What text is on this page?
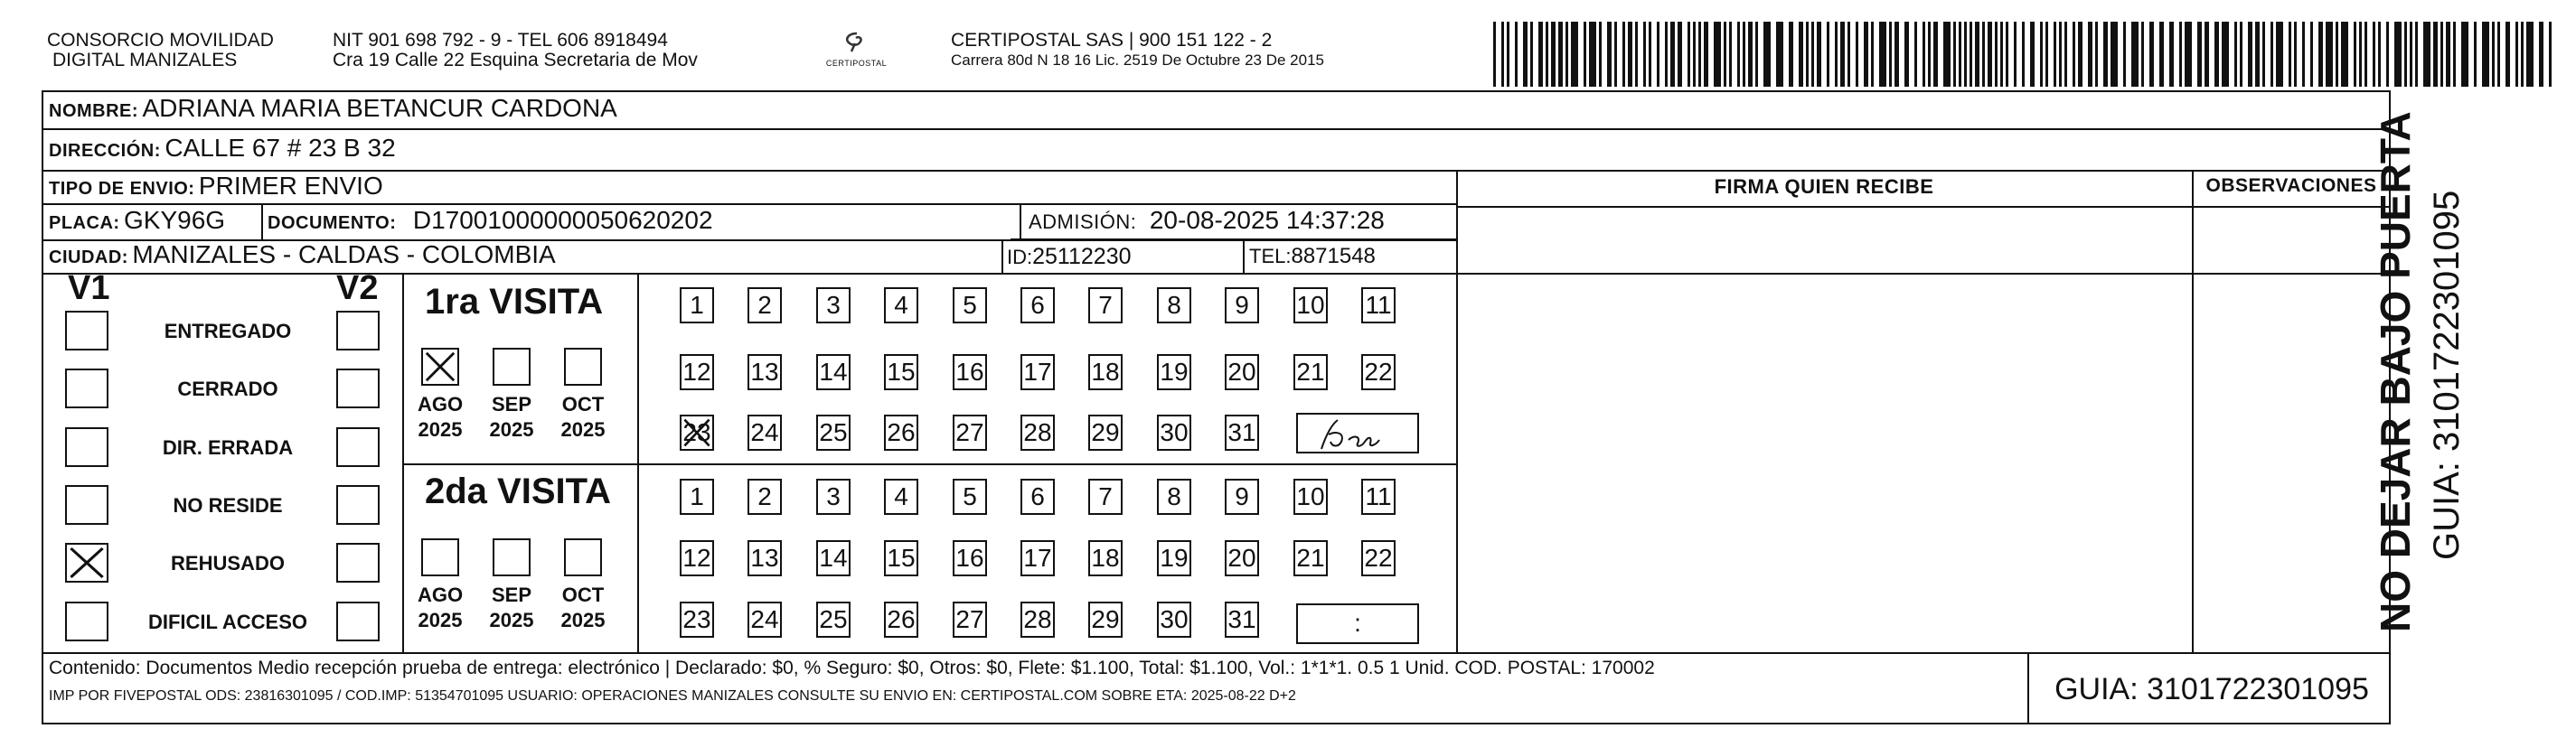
CONSORCIO MOVILIDAD
DIGITAL MANIZALES
NIT 901 698 792 - 9 - TEL 606 8918494
Cra 19 Calle 22 Esquina Secretaria de Mov	CERTIPOSTAL
CERTIPOSTAL SAS | 900 151 122 - 2
Carrera 80d N 18 16 Lic. 2519 De Octubre 23 De 2015
NOMBRE: ADRIANA MARIA BETANCUR CARDONA
DIRECCIÓN: CALLE 67 # 23 B 32
TIPO DE ENVIO: PRIMER ENVIO
PLACA: GKY96G DOCUMENTO: D17001000000050620202	ADMISIÓN: 20-08-2025 14:37:28
CIUDAD: MANIZALES - CALDAS - COLOMBIA	ID:25112230	TEL:8871548
FIRMA QUIEN RECIBE	OBSERVACIONES
V1	V2
ENTREGADO
CERRADO
DIR. ERRADA
NO RESIDE
REHUSADO
DIFICIL ACCESO
1ra VISITA
2da VISITA
AGO
2025
SEP
2025
OCT
2025
AGO
2025
SEP
2025
OCT
2025
1	2	3	4	5	6	7	8	9	10 11
12 13 14 15 16 17 18 19 20 21 22
23 24 25 26 27 28 29 30 31
1	2	3	4	5	6	7	8	9	10 11
12 13 14 15 16 17 18 19 20 21 22
23 24 25 26 27 28 29 30 31	:
Contenido: Documentos Medio recepción prueba de entrega: electrónico | Declarado: $0, % Seguro: $0, Otros: $0, Flete: $1.100, Total: $1.100, Vol.: 1*1*1. 0.5 1 Unid. COD. POSTAL: 170002
IMP POR FIVEPOSTAL ODS: 23816301095 / COD.IMP: 51354701095 USUARIO: OPERACIONES MANIZALES CONSULTE SU ENVIO EN: CERTIPOSTAL.COM SOBRE ETA: 2025-08-22 D+2	GUIA: 3101722301095
NO DEJAR BAJO PUERTA GUIA: 3101722301095
